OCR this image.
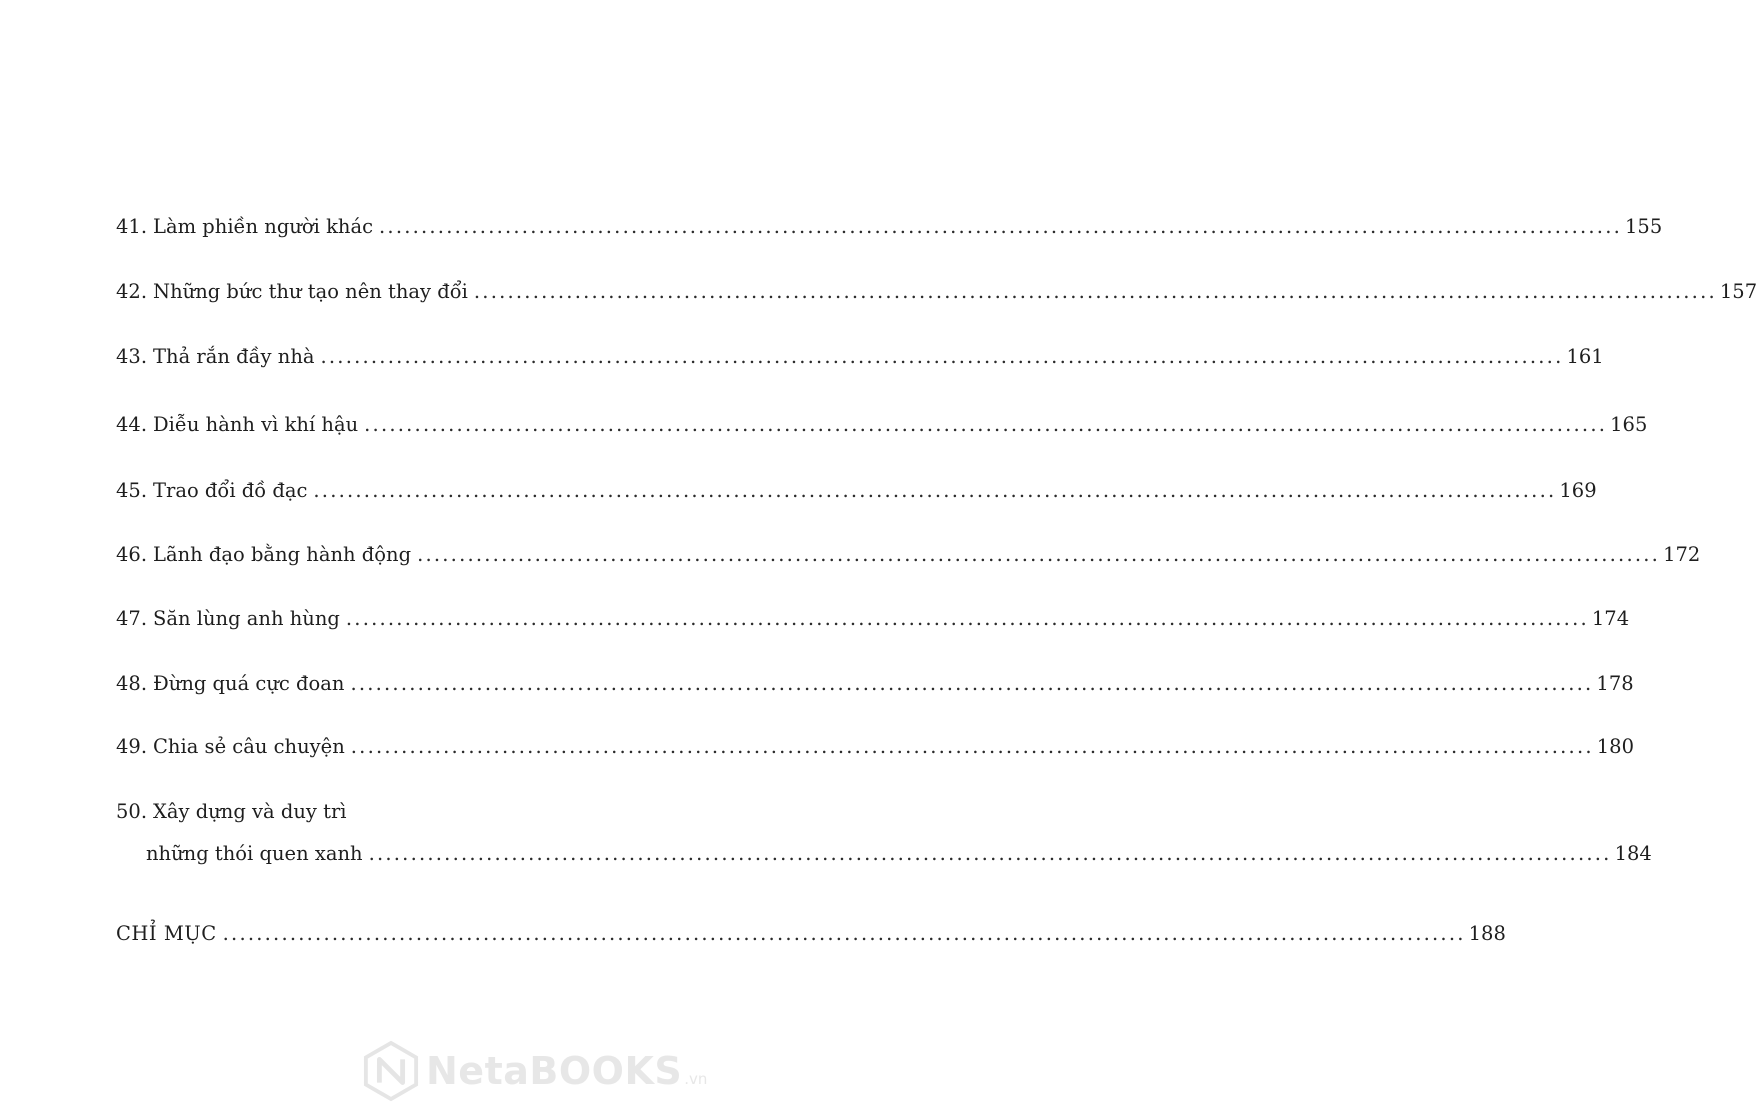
41. Làm phiền người khác .....	155
42. Những bức thư tạo nên thay đổi .....	157
43. Thả rắn đầy nhà .....	161
44. Diễu hành vì khí hậu .....	165
45. Trao đổi đồ đạc .....	169
46. Lãnh đạo bằng hành động .....	172
47. Săn lùng anh hùng .....	174
48. Đừng quá cực đoan .....	178
49. Chia sẻ câu chuyện .....	180
50. Xây dựng và duy trì
những thói quen xanh .....	184
CHỈ MỤC .....	188
NetaBOOKS .vn
